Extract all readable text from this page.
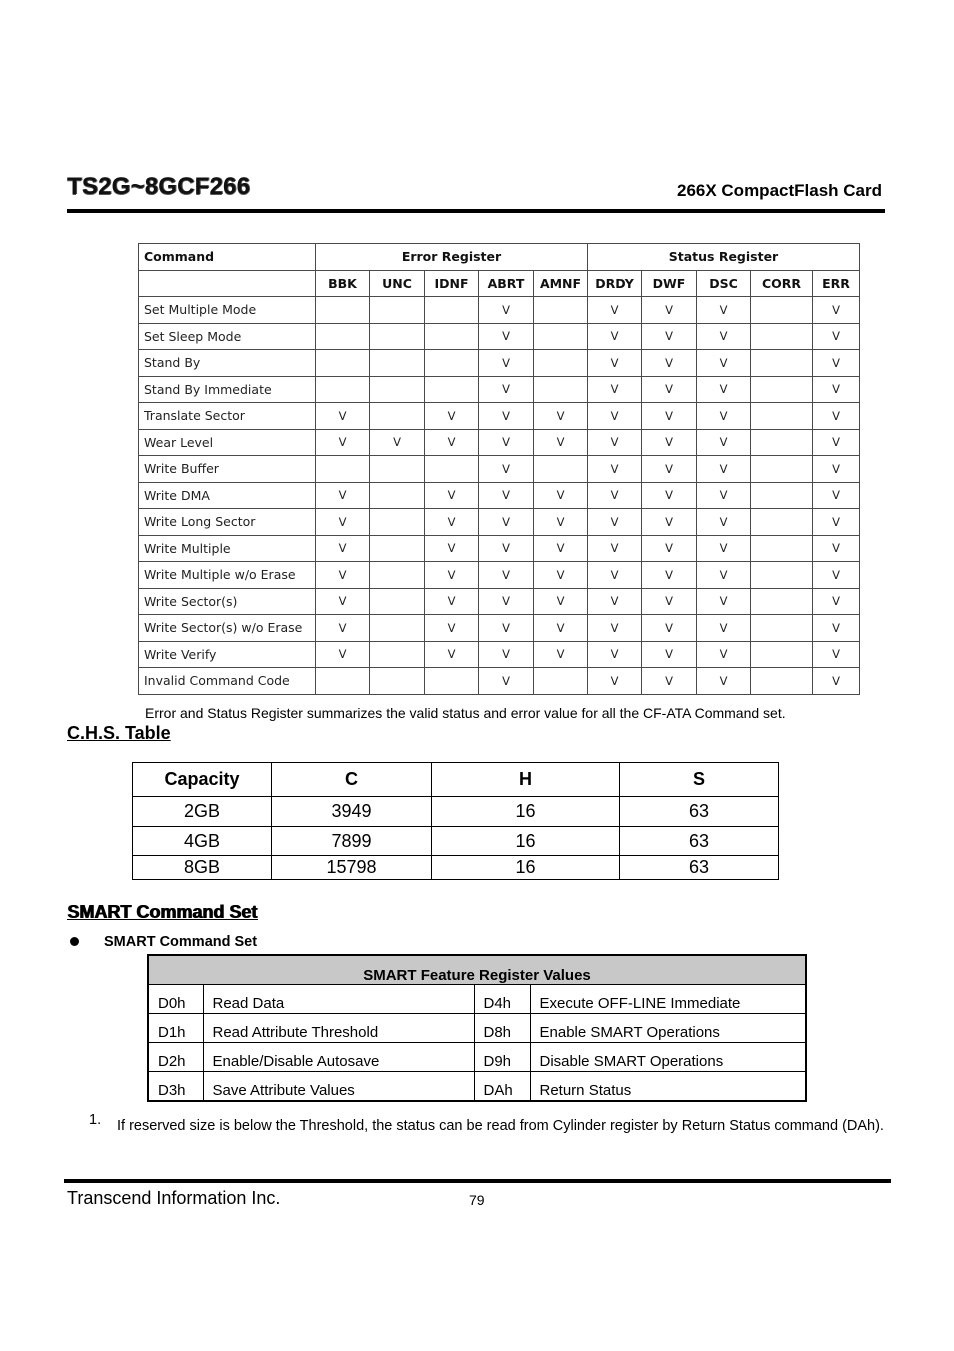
TS2G~8GCF266	266X CompactFlash Card
Command	Error Register					Status Register				
	BBK	UNC	IDNF	ABRT	AMNF	DRDY	DWF	DSC	CORR	ERR
Set Multiple Mode				V		V	V	V		V
Set Sleep Mode				V		V	V	V		V
Stand By				V		V	V	V		V
Stand By Immediate				V		V	V	V		V
Translate Sector	V		V	V	V	V	V	V		V
Wear Level	V	V	V	V	V	V	V	V		V
Write Buffer				V		V	V	V		V
Write DMA	V		V	V	V	V	V	V		V
Write Long Sector	V		V	V	V	V	V	V		V
Write Multiple	V		V	V	V	V	V	V		V
Write Multiple w/o Erase	V		V	V	V	V	V	V		V
Write Sector(s)	V		V	V	V	V	V	V		V
Write Sector(s) w/o Erase	V		V	V	V	V	V	V		V
Write Verify	V		V	V	V	V	V	V		V
Invalid Command Code				V		V	V	V		V
Error and Status Register summarizes the valid status and error value for all the CF-ATA Command set.
C.H.S. Table
Capacity	C	H	S
2GB	3949	16	63
4GB	7899	16	63
8GB	15798	16	63
SMART Command Set
SMART Command Set
SMART Feature Register Values			
D0h	Read Data	D4h	Execute OFF-LINE Immediate
D1h	Read Attribute Threshold	D8h	Enable SMART Operations
D2h	Enable/Disable Autosave	D9h	Disable SMART Operations
D3h	Save Attribute Values	DAh	Return Status
1. If reserved size is below the Threshold, the status can be read from Cylinder register by Return Status command (DAh).
Transcend Information Inc.	79
